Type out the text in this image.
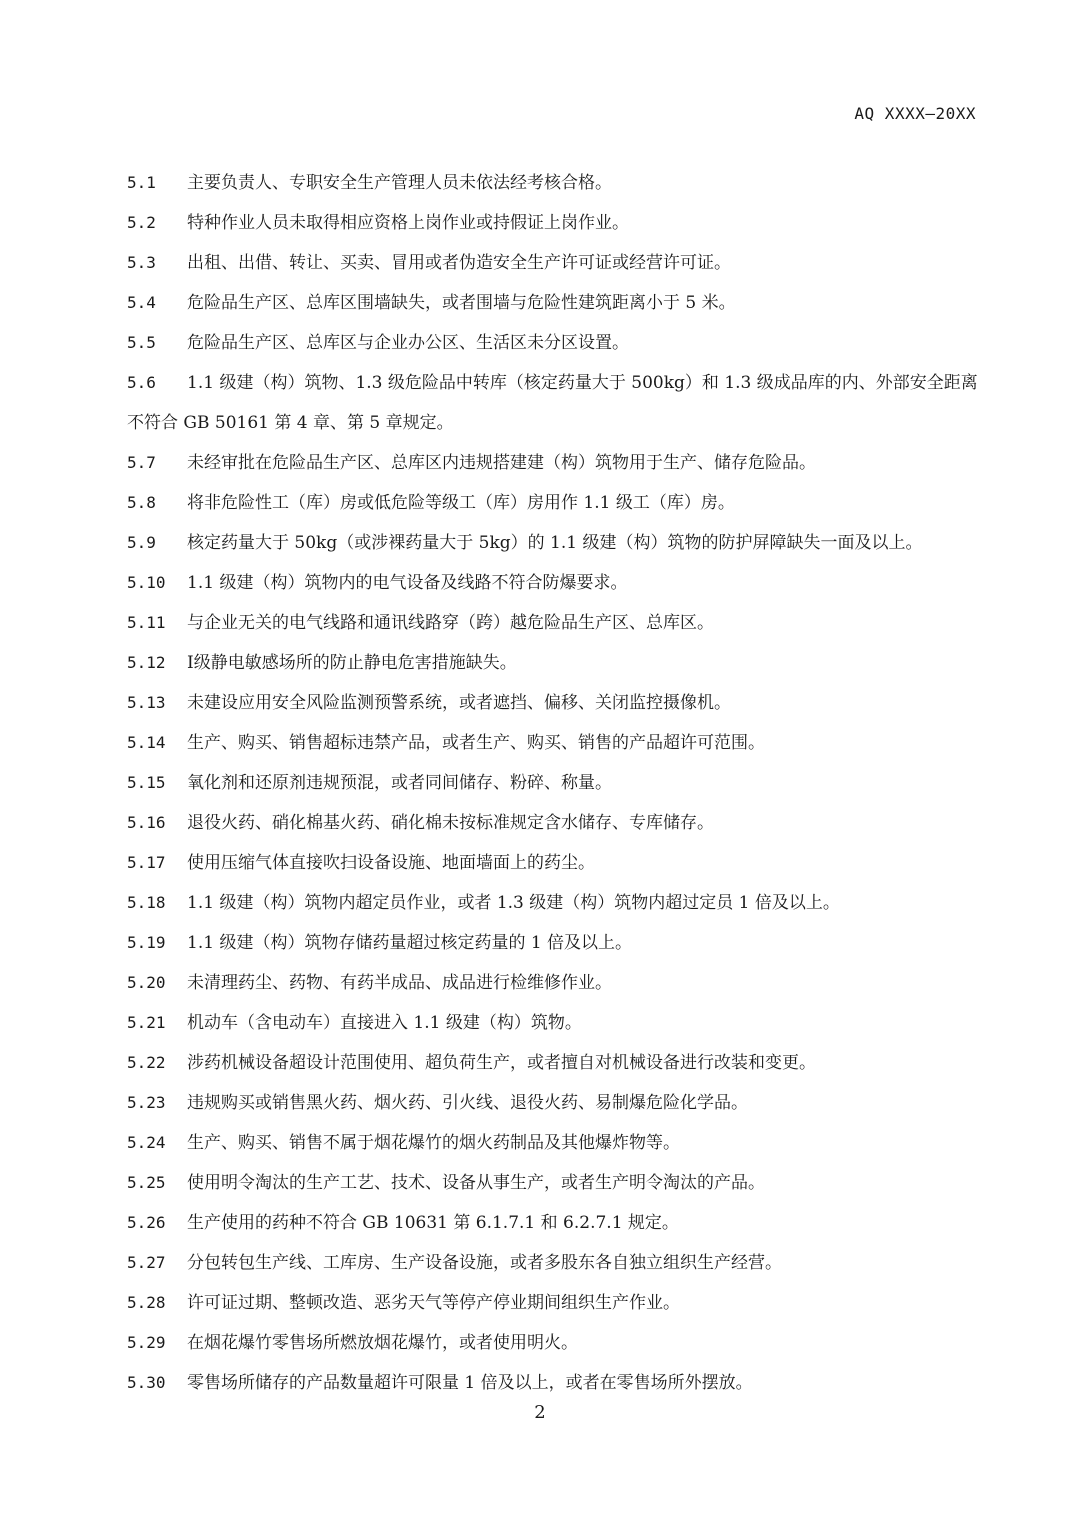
AQ XXXX—20XX
5.1	主要负责人、专职安全生产管理人员未依法经考核合格。
5.2	特种作业人员未取得相应资格上岗作业或持假证上岗作业。
5.3	出租、出借、转让、买卖、冒用或者伪造安全生产许可证或经营许可证。
5.4	危险品生产区、总库区围墙缺失，或者围墙与危险性建筑距离小于 5 米。
5.5	危险品生产区、总库区与企业办公区、生活区未分区设置。
5.6	1.1 级建（构）筑物、1.3 级危险品中转库（核定药量大于 500kg）和 1.3 级成品库的内、外部安全距离不符合 GB 50161 第 4 章、第 5 章规定。
5.7	未经审批在危险品生产区、总库区内违规搭建建（构）筑物用于生产、储存危险品。
5.8	将非危险性工（库）房或低危险等级工（库）房用作 1.1 级工（库）房。
5.9	核定药量大于 50kg（或涉裸药量大于 5kg）的 1.1 级建（构）筑物的防护屏障缺失一面及以上。
5.10	1.1 级建（构）筑物内的电气设备及线路不符合防爆要求。
5.11	与企业无关的电气线路和通讯线路穿（跨）越危险品生产区、总库区。
5.12	Ⅰ级静电敏感场所的防止静电危害措施缺失。
5.13	未建设应用安全风险监测预警系统，或者遮挡、偏移、关闭监控摄像机。
5.14	生产、购买、销售超标违禁产品，或者生产、购买、销售的产品超许可范围。
5.15	氧化剂和还原剂违规预混，或者同间储存、粉碎、称量。
5.16	退役火药、硝化棉基火药、硝化棉未按标准规定含水储存、专库储存。
5.17	使用压缩气体直接吹扫设备设施、地面墙面上的药尘。
5.18	1.1 级建（构）筑物内超定员作业，或者 1.3 级建（构）筑物内超过定员 1 倍及以上。
5.19	1.1 级建（构）筑物存储药量超过核定药量的 1 倍及以上。
5.20	未清理药尘、药物、有药半成品、成品进行检维修作业。
5.21	机动车（含电动车）直接进入 1.1 级建（构）筑物。
5.22	涉药机械设备超设计范围使用、超负荷生产，或者擅自对机械设备进行改装和变更。
5.23	违规购买或销售黑火药、烟火药、引火线、退役火药、易制爆危险化学品。
5.24	生产、购买、销售不属于烟花爆竹的烟火药制品及其他爆炸物等。
5.25	使用明令淘汰的生产工艺、技术、设备从事生产，或者生产明令淘汰的产品。
5.26	生产使用的药种不符合 GB 10631 第 6.1.7.1 和 6.2.7.1 规定。
5.27	分包转包生产线、工库房、生产设备设施，或者多股东各自独立组织生产经营。
5.28	许可证过期、整顿改造、恶劣天气等停产停业期间组织生产作业。
5.29	在烟花爆竹零售场所燃放烟花爆竹，或者使用明火。
5.30	零售场所储存的产品数量超许可限量 1 倍及以上，或者在零售场所外摆放。
2
